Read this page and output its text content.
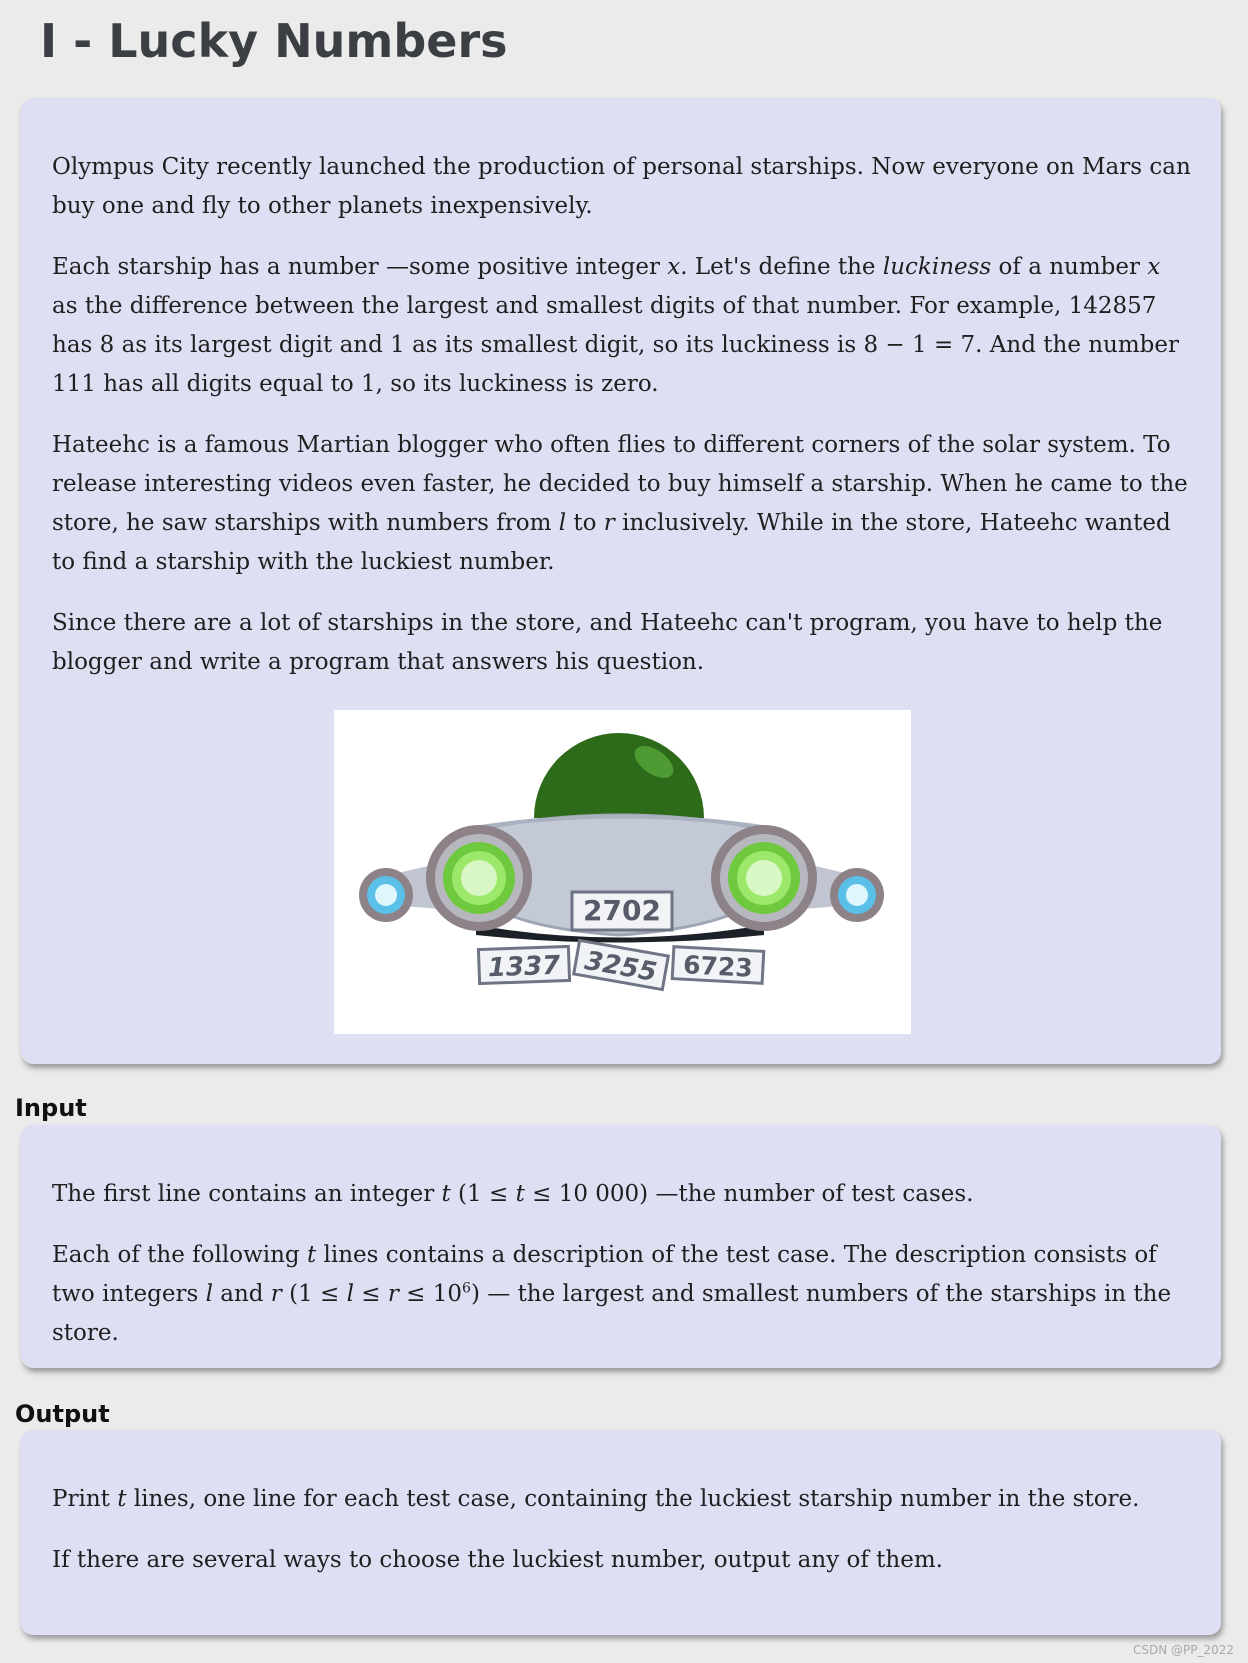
I - Lucky Numbers

Olympus City recently launched the production of personal starships. Now everyone on Mars can buy one and fly to other planets inexpensively.

Each starship has a number —some positive integer x. Let's define the luckiness of a number x as the difference between the largest and smallest digits of that number. For example, 142857 has 8 as its largest digit and 1 as its smallest digit, so its luckiness is 8 − 1 = 7. And the number 111 has all digits equal to 1, so its luckiness is zero.

Hateehc is a famous Martian blogger who often flies to different corners of the solar system. To release interesting videos even faster, he decided to buy himself a starship. When he came to the store, he saw starships with numbers from l to r inclusively. While in the store, Hateehc wanted to find a starship with the luckiest number.

Since there are a lot of starships in the store, and Hateehc can't program, you have to help the blogger and write a program that answers his question.

2702
1337 3255 6723
Input

The first line contains an integer t (1 ≤ t ≤ 10 000) —the number of test cases.

Each of the following t lines contains a description of the test case. The description consists of two integers l and r $(1 \le l \le r \le 10^6)$ — the largest and smallest numbers of the starships in the store.

Output

Print t lines, one line for each test case, containing the luckiest starship number in the store.

If there are several ways to choose the luckiest number, output any of them.

CSDN @PP_2022
